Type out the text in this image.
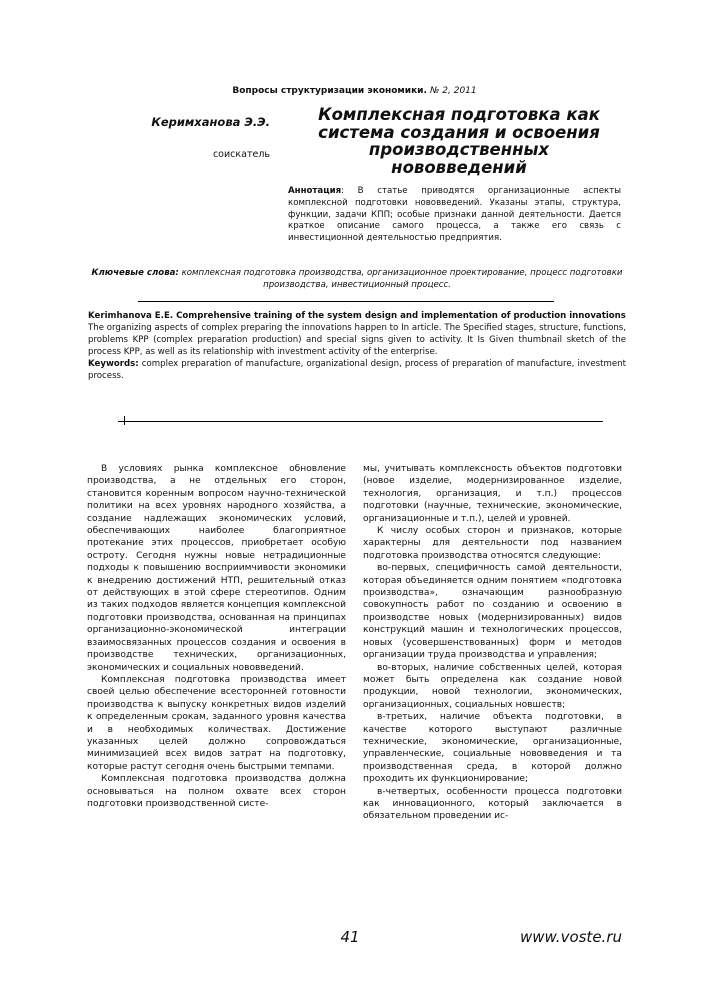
Вопросы структуризации экономики. № 2, 2011
Керимханова Э.Э.
соискатель
Комплексная подготовка как система создания и освоения производственных нововведений
Аннотация: В статье приводятся организационные аспекты комплексной подготовки нововведений. Указаны этапы, структура, функции, задачи КПП; особые признаки данной деятельности. Дается краткое описание самого процесса, а также его связь с инвестиционной деятельностью предприятия.
Ключевые слова: комплексная подготовка производства, организационное проектирование, процесс подготовки производства, инвестиционный процесс.
Kerimhanova E.E. Comprehensive training of the system design and implementation of production innovations
The organizing aspects of complex preparing the innovations happen to In article. The Specified stages, structure, functions, problems KPP (complex preparation production) and special signs given to activity. It Is Given thumbnail sketch of the process KPP, as well as its relationship with investment activity of the enterprise.
Keywords: complex preparation of manufacture, organizational design, process of preparation of manufacture, investment process.

В условиях рынка комплексное обновление производства, а не отдельных его сторон, становится коренным вопросом научно-технической политики на всех уровнях народного хозяйства, а создание надлежащих экономических условий, обеспечивающих наиболее благоприятное протекание этих процессов, приобретает особую остроту. Сегодня нужны новые нетрадиционные подходы к повышению восприимчивости экономики к внедрению достижений НТП, решительный отказ от действующих в этой сфере стереотипов. Одним из таких подходов является концепция комплексной подготовки производства, основанная на принципах организационно-экономической интеграции взаимосвязанных процессов создания и освоения в производстве технических, организационных, экономических и социальных нововведений.

Комплексная подготовка производства имеет своей целью обеспечение всесторонней готовности производства к выпуску конкретных видов изделий к определенным срокам, заданного уровня качества и в необходимых количествах. Достижение указанных целей должно сопровождаться минимизацией всех видов затрат на подготовку, которые растут сегодня очень быстрыми темпами.

Комплексная подготовка производства должна основываться на полном охвате всех сторон подготовки производственной систе-

мы, учитывать комплексность объектов подготовки (новое изделие, модернизированное изделие, технология, организация, и т.п.) процессов подготовки (научные, технические, экономические, организационные и т.п.), целей и уровней.

К числу особых сторон и признаков, которые характерны для деятельности под названием подготовка производства относятся следующие:

во-первых, специфичность самой деятельности, которая объединяется одним понятием «подготовка производства», означающим разнообразную совокупность работ по созданию и освоению в производстве новых (модернизированных) видов конструкций машин и технологических процессов, новых (усовершенствованных) форм и методов организации труда производства и управления;

во-вторых, наличие собственных целей, которая может быть определена как создание новой продукции, новой технологии, экономических, организационных, социальных новшеств;

в-третьих, наличие объекта подготовки, в качестве которого выступают различные технические, экономические, организационные, управленческие, социальные нововведения и та производственная среда, в которой должно проходить их функционирование;

в-четвертых, особенности процесса подготовки как инновационного, который заключается в обязательном проведении ис-

41	www.voste.ru
